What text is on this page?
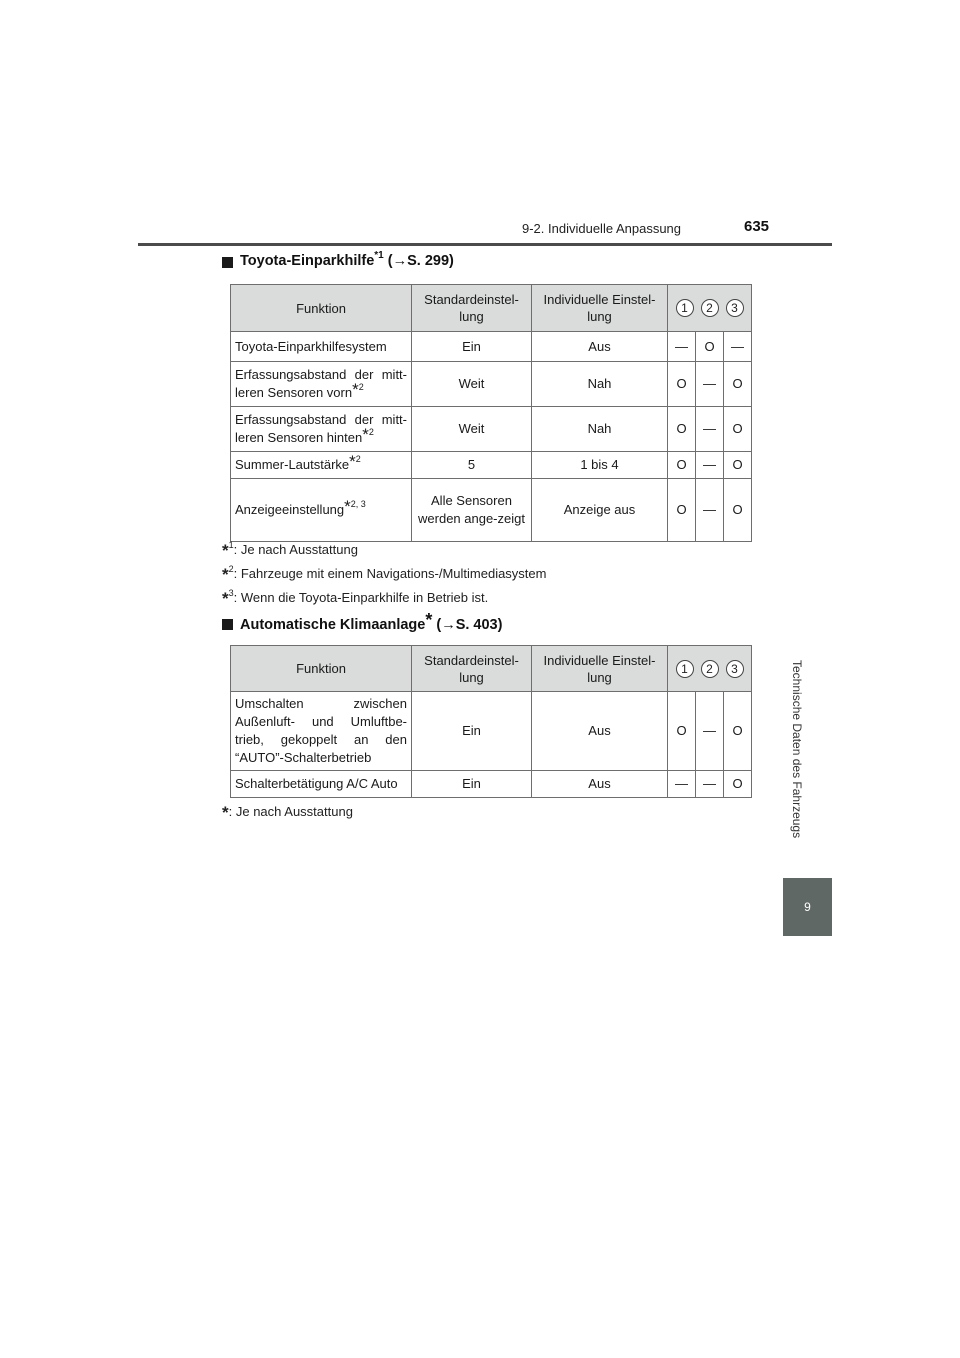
9-2. Individuelle Anpassung	635
Technische Daten des Fahrzeugs
9
Toyota-Einparkhilfe *1
(→S. 299)
Funktion	Standardeinstel-lung	Individuelle Einstel-lung	1 2 3		

Toyota-Einparkhilfesystem	Ein	Aus	—	O	—
Erfassungsabstand der mitt-leren Sensoren vorn*$^2$	Weit	Nah	O	—	O
Erfassungsabstand der mitt-leren Sensoren hinten*$^2$	Weit	Nah	O	—	O
Summer-Lautstärke*$^2$	5	1 bis 4	O	—	O
Anzeigeeinstellung*$^{2, 3}$	Alle Sensoren werden ange-zeigt	Anzeige aus	O	—	O
*$^1$: Je nach Ausstattung
*$^2$: Fahrzeuge mit einem Navigations-/Multimediasystem
*$^3$: Wenn die Toyota-Einparkhilfe in Betrieb ist.
Automatische Klimaanlage *
(→S. 403)
Funktion	Standardeinstel-lung	Individuelle Einstel-lung	1 2 3		

Umschalten zwischen Außenluft- und Umluftbe-trieb, gekoppelt an den “AUTO”-Schalterbetrieb	Ein	Aus	O	—	O
Schalterbetätigung A/C Auto	Ein	Aus	—	—	O
*: Je nach Ausstattung
